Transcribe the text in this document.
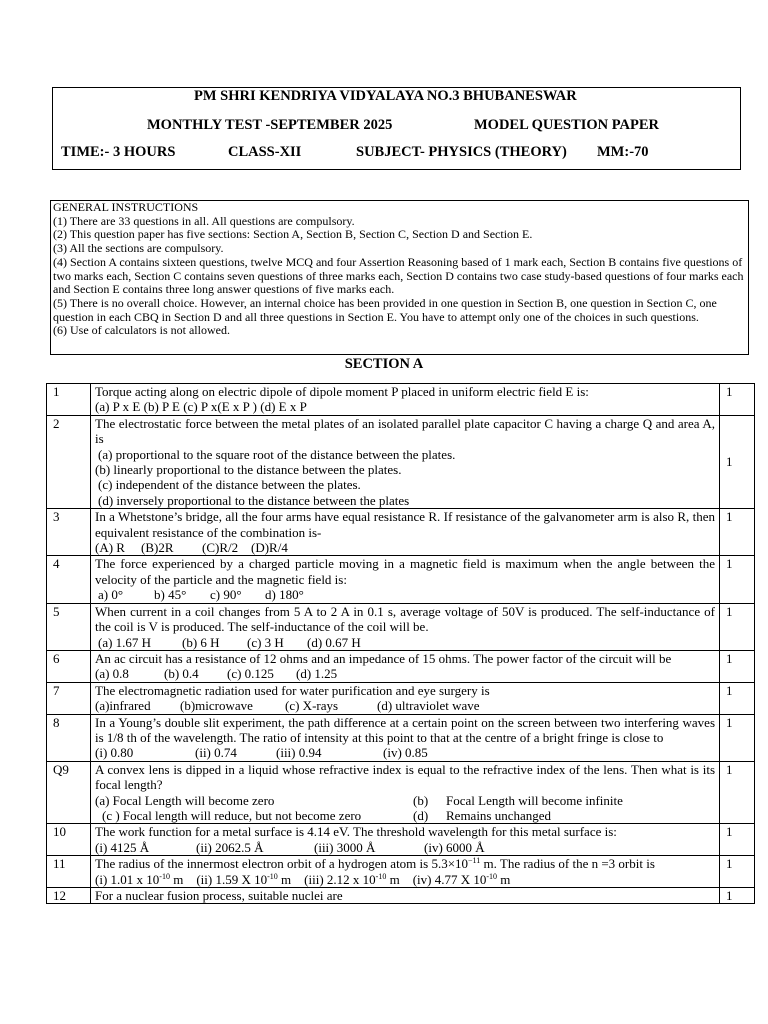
PM SHRI KENDRIYA VIDYALAYA NO.3 BHUBANESWAR
MONTHLY TEST -SEPTEMBER 2025	MODEL QUESTION PAPER
TIME:- 3 HOURS	CLASS-XII	SUBJECT- PHYSICS (THEORY) MM:-70
GENERAL INSTRUCTIONS
(1) There are 33 questions in all. All questions are compulsory.
(2) This question paper has five sections: Section A, Section B, Section C, Section D and Section E.
(3) All the sections are compulsory.
(4) Section A contains sixteen questions, twelve MCQ and four Assertion Reasoning based of 1 mark each, Section B contains five questions of two marks each, Section C contains seven questions of three marks each, Section D contains two case study-based questions of four marks each and Section E contains three long answer questions of five marks each.
(5) There is no overall choice. However, an internal choice has been provided in one question in Section B, one question in Section C, one question in each CBQ in Section D and all three questions in Section E. You have to attempt only one of the choices in such questions.
(6) Use of calculators is not allowed.
SECTION A
1	Torque acting along on electric dipole of dipole moment P placed in uniform electric field E is:
(a) P x E (b) P E (c) P x(E x P ) (d) E x P	1
2	The electrostatic force between the metal plates of an isolated parallel plate capacitor C having a charge Q and area A, is
(a) proportional to the square root of the distance between the plates.
(b) linearly proportional to the distance between the plates.
(c) independent of the distance between the plates.
(d) inversely proportional to the distance between the plates	1
3	In a Whetstone’s bridge, all the four arms have equal resistance R. If resistance of the galvanometer arm is also R, then equivalent resistance of the combination is-
(A) R (B)2R (C)R/2 (D)R/4	1
4	The force experienced by a charged particle moving in a magnetic field is maximum when the angle between the velocity of the particle and the magnetic field is:
a) 0° b) 45° c) 90° d) 180°	1
5	When current in a coil changes from 5 A to 2 A in 0.1 s, average voltage of 50V is produced. The self-inductance of the coil is V is produced. The self-inductance of the coil will be.
(a) 1.67 H (b) 6 H (c) 3 H (d) 0.67 H	1
6	An ac circuit has a resistance of 12 ohms and an impedance of 15 ohms. The power factor of the circuit will be
(a) 0.8 (b) 0.4 (c) 0.125 (d) 1.25	1
7	The electromagnetic radiation used for water purification and eye surgery is
(a)infrared (b)microwave (c) X-rays (d) ultraviolet wave	1
8	In a Young’s double slit experiment, the path difference at a certain point on the screen between two interfering waves is 1/8 th of the wavelength. The ratio of intensity at this point to that at the centre of a bright fringe is close to
(i) 0.80 (ii) 0.74 (iii) 0.94 (iv) 0.85	1
Q9	A convex lens is dipped in a liquid whose refractive index is equal to the refractive index of the lens. Then what is its focal length?
(a) Focal Length will become zero (b) Focal Length will become infinite
(c ) Focal length will reduce, but not become zero (d) Remains unchanged	1
10	The work function for a metal surface is 4.14 eV. The threshold wavelength for this metal surface is:
(i) 4125 Å (ii) 2062.5 Å (iii) 3000 Å (iv) 6000 Å	1
11	The radius of the innermost electron orbit of a hydrogen atom is $5.3\times 10^{-11}$ m. The radius of the n =3 orbit is
(i) 1.01 x $10^{-10}$ m (ii) 1.59 X $10^{-10}$ m (iii) 2.12 x $10^{-10}$ m (iv) 4.77 X $10^{-10}$ m	1
12	For a nuclear fusion process, suitable nuclei are	1
